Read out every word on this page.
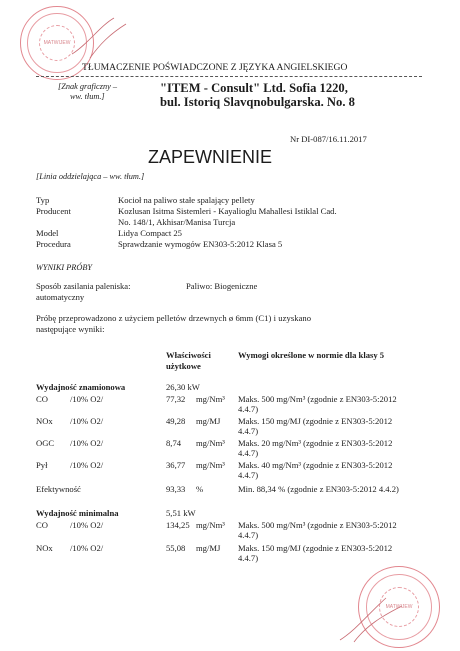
MATWIJEW
TŁUMACZENIE POŚWIADCZONE Z JĘZYKA ANGIELSKIEGO
[Znak graficzny –
ww. tłum.]
"ITEM - Consult" Ltd. Sofia 1220,
bul. Istoriq Slavqnobulgarska. No. 8
Nr DI-087/16.11.2017
ZAPEWNIENIE
[Linia oddzielająca – ww. tłum.]
Typ	Kocioł na paliwo stałe spalający pellety
Producent	Kozlusan Isitma Sistemleri - Kayalioglu Mahallesi Istiklal Cad.
No. 148/1, Akhisar/Manisa Turcja
Model	Lidya Compact 25
Procedura	Sprawdzanie wymogów EN303-5:2012 Klasa 5
WYNIKI PRÓBY
Sposób zasilania paleniska:
automatyczny
Paliwo: Biogeniczne
Próbę przeprowadzono z użyciem pelletów drzewnych ø 6mm (C1) i uzyskano
następujące wyniki:
Właściwości
użytkowe
Wymogi określone w normie dla klasy 5
Wydajność znamionowa	26,30 kW
CO	/10% O2/	77,32 mg/Nm³ Maks. 500 mg/Nm³ (zgodnie z EN303-5:2012
4.4.7)
NOx /10% O2/	49,28 mg/MJ Maks. 150 mg/MJ (zgodnie z EN303-5:2012
4.4.7)
OGC /10% O2/	8,74 mg/Nm³ Maks. 20 mg/Nm³ (zgodnie z EN303-5:2012
4.4.7)
Pył	/10% O2/	36,77 mg/Nm³ Maks. 40 mg/Nm³ (zgodnie z EN303-5:2012
4.4.7)
Efektywność	93,33 %	Min. 88,34 % (zgodnie z EN303-5:2012 4.4.2)
Wydajność minimalna	5,51 kW
CO	/10% O2/	134,25 mg/Nm³ Maks. 500 mg/Nm³ (zgodnie z EN303-5:2012
4.4.7)
NOx /10% O2/	55,08 mg/MJ Maks. 150 mg/MJ (zgodnie z EN303-5:2012
4.4.7)
MATWIJEW
